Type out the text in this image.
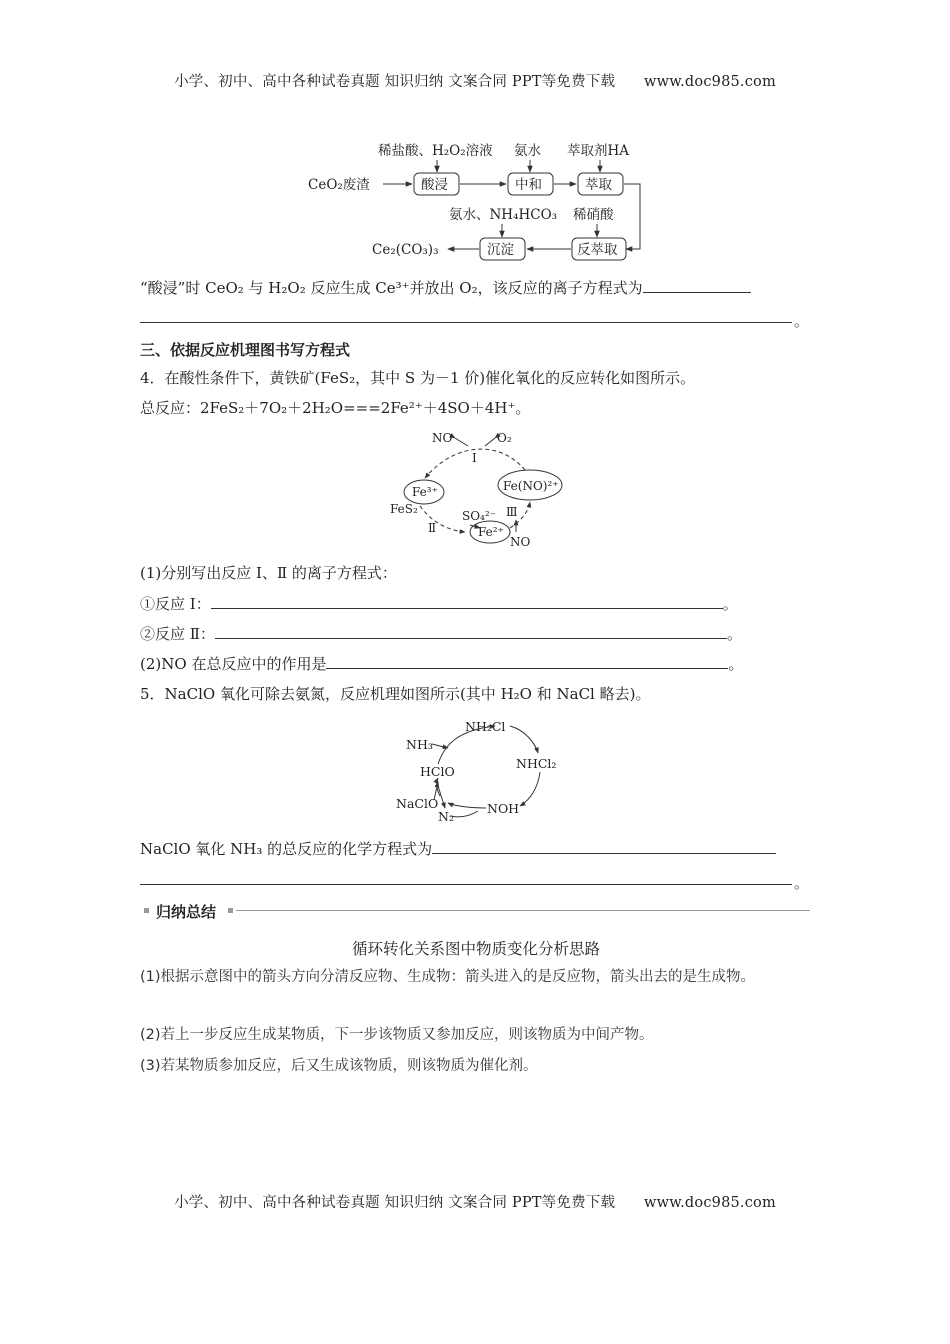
小学、初中、高中各种试卷真题 知识归纳 文案合同 PPT等免费下载 www.doc985.com
稀盐酸、H₂O₂溶液 氨水 萃取剂HA
CeO₂废渣	酸浸	中和	萃取
氨水、NH₄HCO₃ 稀硝酸
反萃取
沉淀
Ce₂(CO₃)₃
“酸浸”时 CeO₂ 与 H₂O₂ 反应生成 Ce³⁺并放出 O₂，该反应的离子方程式为
。
三、依据反应机理图书写方程式
4．在酸性条件下，黄铁矿(FeS₂，其中 S 为－1 价)催化氧化的反应转化如图所示。
总反应：2FeS₂＋7O₂＋2H₂O===2Fe²⁺＋4SO＋4H⁺。
NO	O₂
Ⅰ
Fe³⁺	Fe(NO)²⁺
FeS₂
Ⅱ
SO₄²⁻
Fe²⁺
Ⅲ
NO
(1)分别写出反应 Ⅰ、Ⅱ 的离子方程式：
①反应 Ⅰ：	。
②反应 Ⅱ：	。
(2)NO 在总反应中的作用是	。
5．NaClO 氧化可除去氨氮，反应机理如图所示(其中 H₂O 和 NaCl 略去)。
NH₂Cl
NH₃
HClO
NHCl₂
NaClO	NOH
N₂
NaClO 氧化 NH₃ 的总反应的化学方程式为
。
归纳总结
循环转化关系图中物质变化分析思路
(1)根据示意图中的箭头方向分清反应物、生成物：箭头进入的是反应物，箭头出去的是生成物。
(2)若上一步反应生成某物质，下一步该物质又参加反应，则该物质为中间产物。
(3)若某物质参加反应，后又生成该物质，则该物质为催化剂。
小学、初中、高中各种试卷真题 知识归纳 文案合同 PPT等免费下载 www.doc985.com
